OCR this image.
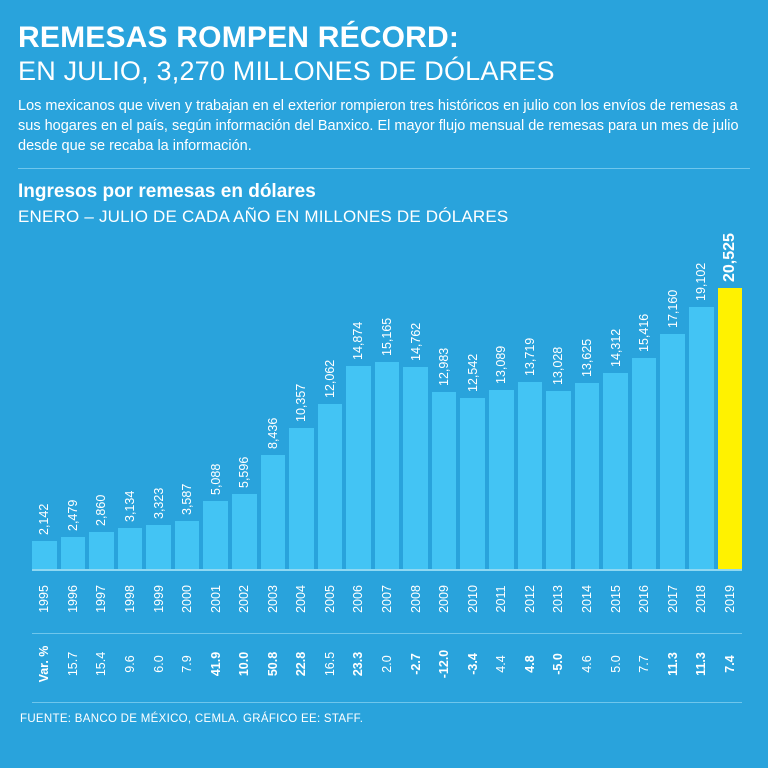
REMESAS ROMPEN RÉCORD:
EN JULIO, 3,270 MILLONES DE DÓLARES
Los mexicanos que viven y trabajan en el exterior rompieron tres históricos en julio con los envíos de remesas a sus hogares en el país, según información del Banxico. El mayor flujo mensual de remesas para un mes de julio desde que se recaba la información.
Ingresos por remesas en dólares
ENERO – JULIO DE CADA AÑO EN MILLONES DE DÓLARES
2,142 2,479 2,860 3,134 3,323 3,587
5,088 5,596
8,436
10,357
12,062
14,874 15,165 14,762
12,983 12,542 13,089 13,719 13,028 13,625 14,312 15,416
17,160
19,102 20,525
1995 1996 1997 1998 1999 2000 2001 2002 2003 2004 2005 2006 2007 2008 2009 2010 2011 2012 2013 2014 2015 2016 2017 2018 2019
Var. % 15.7 15.4 9.6 6.0 7.9 41.9 10.0 50.8 22.8 16.5 23.3 2.0 -2.7 -12.0 -3.4 4.4 4.8 -5.0 4.6 5.0 7.7 11.3 11.3 7.4
FUENTE: BANCO DE MÉXICO, CEMLA. GRÁFICO EE: STAFF.
